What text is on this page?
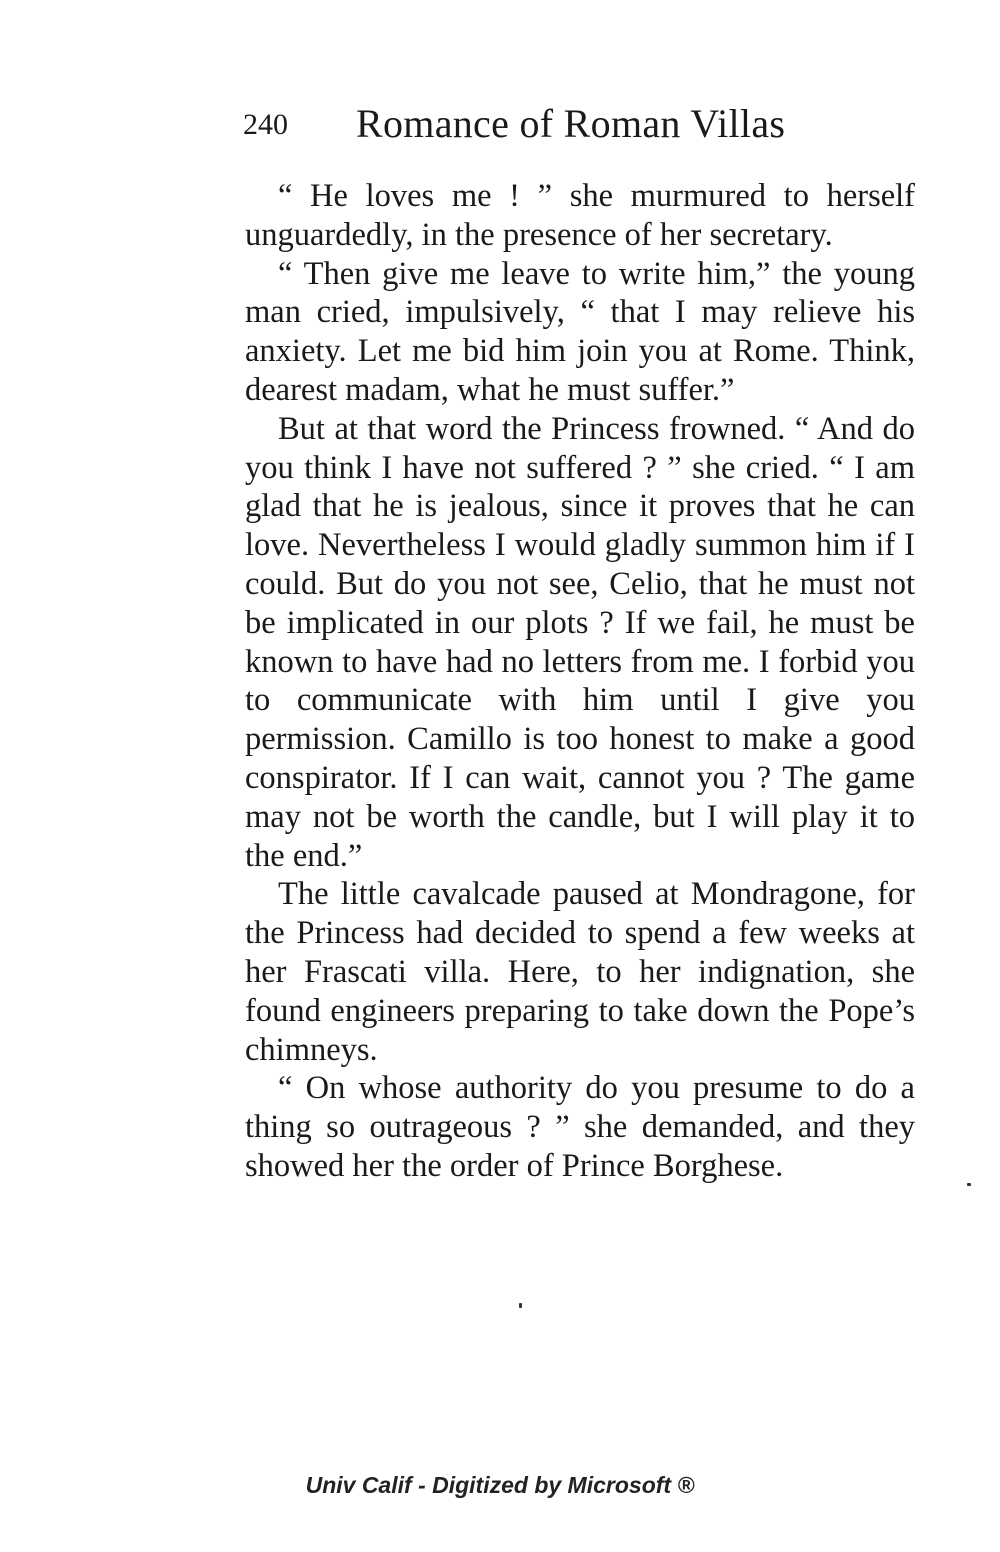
240 Romance of Roman Villas

“ He loves me ! ” she murmured to herself unguardedly, in the presence of her secretary.

“ Then give me leave to write him,” the young man cried, impulsively, “ that I may relieve his anxiety. Let me bid him join you at Rome. Think, dearest madam, what he must suffer.”

But at that word the Princess frowned. “ And do you think I have not suffered ? ” she cried. “ I am glad that he is jealous, since it proves that he can love. Nevertheless I would gladly summon him if I could. But do you not see, Celio, that he must not be implicated in our plots ? If we fail, he must be known to have had no letters from me. I forbid you to communicate with him until I give you permission. Camillo is too honest to make a good conspirator. If I can wait, cannot you ? The game may not be worth the candle, but I will play it to the end.”

The little cavalcade paused at Mondragone, for the Princess had decided to spend a few weeks at her Frascati villa. Here, to her indignation, she found engineers preparing to take down the Pope’s chimneys.

“ On whose authority do you presume to do a thing so outrageous ? ” she demanded, and they showed her the order of Prince Borghese.

Univ Calif - Digitized by Microsoft ®
